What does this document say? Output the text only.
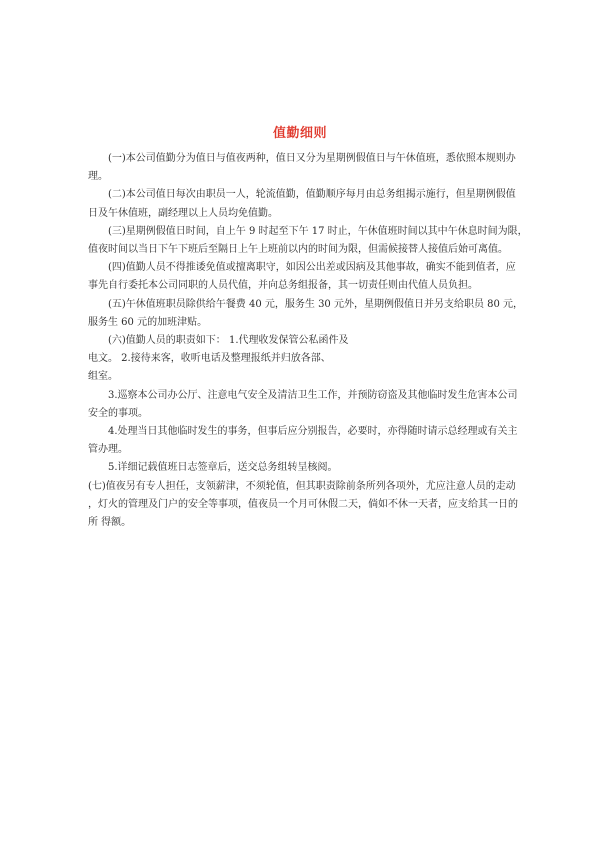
值勤细则

(一)本公司值勤分为值日与值夜两种，值日又分为星期例假值日与午休值班，悉依照本规则办
理。

(二)本公司值日每次由职员一人，轮流值勤，值勤顺序每月由总务组揭示施行，但星期例假值
日及午休值班，副经理以上人员均免值勤。

(三)星期例假值日时间，自上午 9 时起至下午 17 时止，午休值班时间以其中午休息时间为限，
值夜时间以当日下午下班后至隔日上午上班前以内的时间为限，但需候接替人接值后始可离值。

(四)值勤人员不得推诿免值或擅离职守，如因公出差或因病及其他事故，确实不能到值者，应
事先自行委托本公司同职的人员代值，并向总务组报备，其一切责任则由代值人员负担。

(五)午休值班职员除供给午餐费 40 元，服务生 30 元外，星期例假值日并另支给职员 80 元，
服务生 60 元的加班津贴。

(六)值勤人员的职责如下： 1.代理收发保管公私函件及
电文。 2.接待来客，收听电话及整理报纸并归放各部、
组室。

3.巡察本公司办公厅、注意电气安全及清洁卫生工作，并预防窃盗及其他临时发生危害本公司
安全的事项。

4.处理当日其他临时发生的事务，但事后应分别报告，必要时，亦得随时请示总经理或有关主
管办理。

5.详细记载值班日志签章后，送交总务组转呈核阅。

(七)值夜另有专人担任，支领薪津，不须轮值，但其职责除前条所列各项外，尤应注意人员的走动
，灯火的管理及门户的安全等事项，值夜员一个月可休假二天，倘如不休一天者，应支给其一日的
所 得额。
